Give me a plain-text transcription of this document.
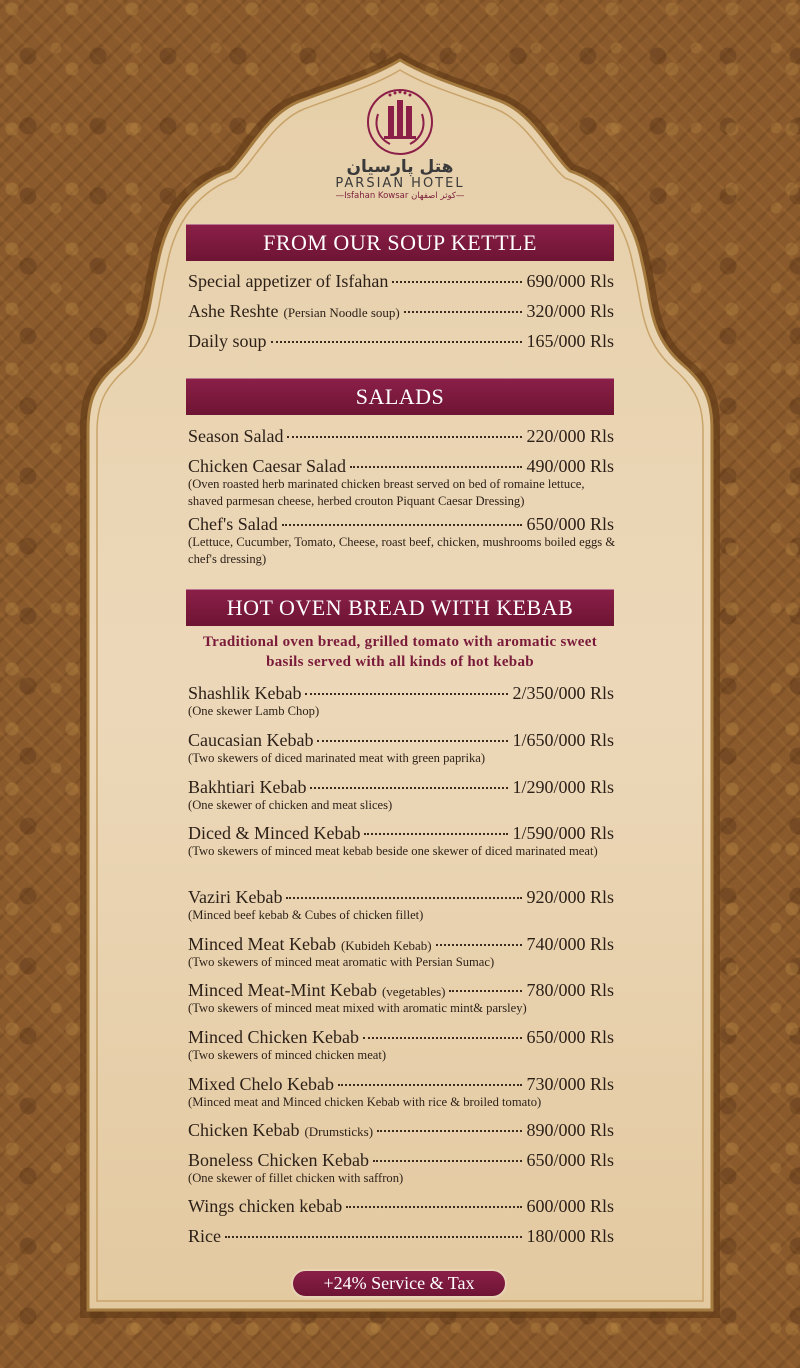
هتل پارسیان
PARSIAN HOTEL
—Isfahan Kowsar کوثر اصفهان—
FROM OUR SOUP KETTLE
Special appetizer of Isfahan	690/000 Rls
Ashe Reshte (Persian Noodle soup)	320/000 Rls
Daily soup	165/000 Rls
SALADS
Season Salad	220/000 Rls
Chicken Caesar Salad	490/000 Rls
(Oven roasted herb marinated chicken breast served on bed of romaine lettuce, shaved parmesan cheese, herbed crouton Piquant Caesar Dressing)
Chef's Salad	650/000 Rls
(Lettuce, Cucumber, Tomato, Cheese, roast beef, chicken, mushrooms boiled eggs & chef's dressing)
HOT OVEN BREAD WITH KEBAB
Traditional oven bread, grilled tomato with aromatic sweet basils served with all kinds of hot kebab
Shashlik Kebab	2/350/000 Rls
(One skewer Lamb Chop)
Caucasian Kebab	1/650/000 Rls
(Two skewers of diced marinated meat with green paprika)
Bakhtiari Kebab	1/290/000 Rls
(One skewer of chicken and meat slices)
Diced & Minced Kebab	1/590/000 Rls
(Two skewers of minced meat kebab beside one skewer of diced marinated meat)
Vaziri Kebab	920/000 Rls
(Minced beef kebab & Cubes of chicken fillet)
Minced Meat Kebab (Kubideh Kebab)	740/000 Rls
(Two skewers of minced meat aromatic with Persian Sumac)
Minced Meat-Mint Kebab (vegetables)	780/000 Rls
(Two skewers of minced meat mixed with aromatic mint& parsley)
Minced Chicken Kebab	650/000 Rls
(Two skewers of minced chicken meat)
Mixed Chelo Kebab	730/000 Rls
(Minced meat and Minced chicken Kebab with rice & broiled tomato)
Chicken Kebab (Drumsticks)	890/000 Rls
Boneless Chicken Kebab	650/000 Rls
(One skewer of fillet chicken with saffron)
Wings chicken kebab	600/000 Rls
Rice	180/000 Rls
+24% Service & Tax
